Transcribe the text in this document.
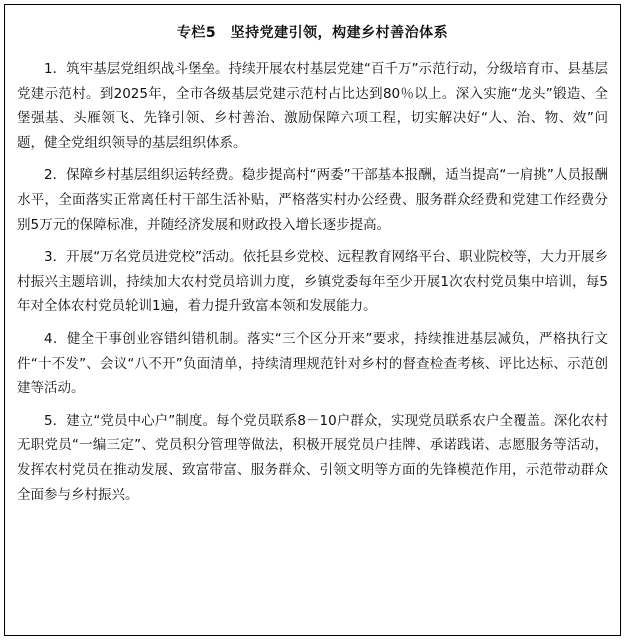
专栏5　坚持党建引领，构建乡村善治体系

1．筑牢基层党组织战斗堡垒。持续开展农村基层党建“百千万”示范行动，分级培育市、县基层党建示范村。到2025年，全市各级基层党建示范村占比达到80％以上。深入实施“龙头”锻造、全堡强基、头雁领飞、先锋引领、乡村善治、激励保障六项工程，切实解决好“人、治、物、效”问题，健全党组织领导的基层组织体系。

2．保障乡村基层组织运转经费。稳步提高村“两委”干部基本报酬，适当提高“一肩挑”人员报酬水平，全面落实正常离任村干部生活补贴，严格落实村办公经费、服务群众经费和党建工作经费分别5万元的保障标准，并随经济发展和财政投入增长逐步提高。

3．开展“万名党员进党校”活动。依托县乡党校、远程教育网络平台、职业院校等，大力开展乡村振兴主题培训，持续加大农村党员培训力度，乡镇党委每年至少开展1次农村党员集中培训，每5年对全体农村党员轮训1遍，着力提升致富本领和发展能力。

4．健全干事创业容错纠错机制。落实“三个区分开来”要求，持续推进基层减负，严格执行文件“十不发”、会议“八不开”负面清单，持续清理规范针对乡村的督查检查考核、评比达标、示范创建等活动。

5．建立“党员中心户”制度。每个党员联系8－10户群众，实现党员联系农户全覆盖。深化农村无职党员“一编三定”、党员积分管理等做法，积极开展党员户挂牌、承诺践诺、志愿服务等活动，发挥农村党员在推动发展、致富带富、服务群众、引领文明等方面的先锋模范作用，示范带动群众全面参与乡村振兴。
